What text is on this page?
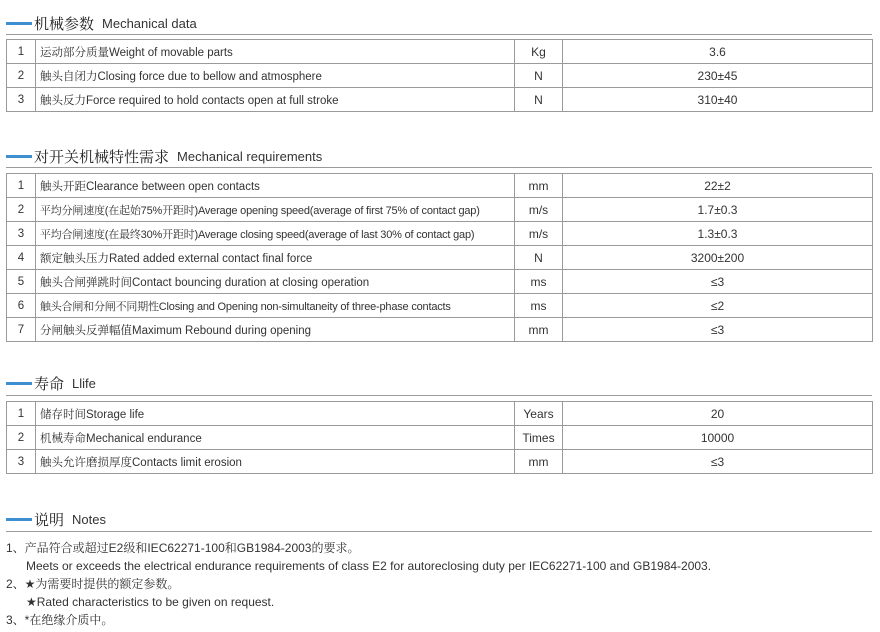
机械参数 Mechanical data
1	运动部分质量Weight of movable parts	Kg	3.6
2	触头自闭力Closing force due to bellow and atmosphere	N	230±45
3	触头反力Force required to hold contacts open at full stroke	N	310±40
对开关机械特性需求 Mechanical requirements
1	触头开距Clearance between open contacts	mm	22±2
2	平均分闸速度(在起始75%开距时)Average opening speed(average of first 75% of contact gap)	m/s	1.7±0.3
3	平均合闸速度(在最终30%开距时)Average closing speed(average of last 30% of contact gap)	m/s	1.3±0.3
4	额定触头压力Rated added external contact final force	N	3200±200
5	触头合闸弹跳时间Contact bouncing duration at closing operation	ms	≤3
6	触头合闸和分闸不同期性Closing and Opening non-simultaneity of three-phase contacts	ms	≤2
7	分闸触头反弹幅值Maximum Rebound during opening	mm	≤3
寿命 Llife
1	储存时间Storage life	Years	20
2	机械寿命Mechanical endurance	Times	10000
3	触头允许磨损厚度Contacts limit erosion	mm	≤3
说明 Notes
1、产品符合或超过E2级和IEC62271-100和GB1984-2003的要求。
Meets or exceeds the electrical endurance requirements of class E2 for autoreclosing duty per IEC62271-100 and GB1984-2003.
2、★为需要时提供的额定参数。
★Rated characteristics to be given on request.
3、*在绝缘介质中。
